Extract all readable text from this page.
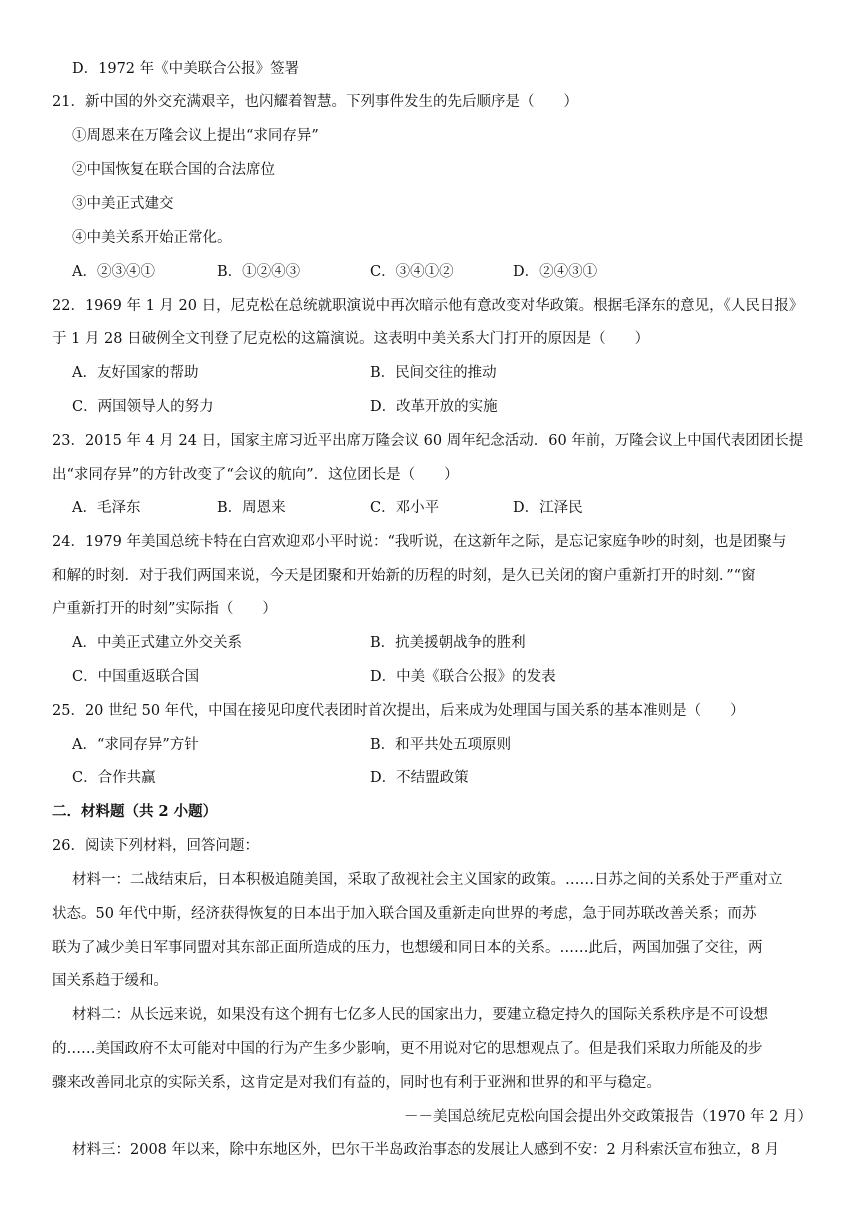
D．1972 年《中美联合公报》签署
21．新中国的外交充满艰辛，也闪耀着智慧。下列事件发生的先后顺序是（　　）
①周恩来在万隆会议上提出“求同存异”
②中国恢复在联合国的合法席位
③中美正式建交
④中美关系开始正常化。
A．②③④①	B．①②④③	C．③④①②	D．②④③①
22．1969 年 1 月 20 日，尼克松在总统就职演说中再次暗示他有意改变对华政策。根据毛泽东的意见，《人民日报》
于 1 月 28 日破例全文刊登了尼克松的这篇演说。这表明中美关系大门打开的原因是（　　）
A．友好国家的帮助	B．民间交往的推动
C．两国领导人的努力	D．改革开放的实施
23．2015 年 4 月 24 日，国家主席习近平出席万隆会议 60 周年纪念活动．60 年前，万隆会议上中国代表团团长提
出“求同存异”的方针改变了“会议的航向”．这位团长是（　　）
A．毛泽东	B．周恩来	C．邓小平	D．江泽民
24．1979 年美国总统卡特在白宫欢迎邓小平时说：“我听说，在这新年之际，是忘记家庭争吵的时刻，也是团聚与
和解的时刻．对于我们两国来说，今天是团聚和开始新的历程的时刻，是久已关闭的窗户重新打开的时刻．”“窗
户重新打开的时刻”实际指（　　）
A．中美正式建立外交关系	B．抗美援朝战争的胜利
C．中国重返联合国	D．中美《联合公报》的发表
25．20 世纪 50 年代，中国在接见印度代表团时首次提出，后来成为处理国与国关系的基本准则是（　　）
A．“求同存异”方针	B．和平共处五项原则
C．合作共赢	D．不结盟政策
二．材料题（共 2 小题）
26．阅读下列材料，回答问题：
材料一：二战结束后，日本积极追随美国，采取了敌视社会主义国家的政策。……日苏之间的关系处于严重对立
状态。50 年代中斯，经济获得恢复的日本出于加入联合国及重新走向世界的考虑，急于同苏联改善关系；而苏
联为了减少美日军事同盟对其东部正面所造成的压力，也想缓和同日本的关系。……此后，两国加强了交往，两
国关系趋于缓和。
材料二：从长远来说，如果没有这个拥有七亿多人民的国家出力，要建立稳定持久的国际关系秩序是不可设想
的……美国政府不太可能对中国的行为产生多少影响，更不用说对它的思想观点了。但是我们采取力所能及的步
骤来改善同北京的实际关系，这肯定是对我们有益的，同时也有利于亚洲和世界的和平与稳定。
－－美国总统尼克松向国会提出外交政策报告（1970 年 2 月）
材料三：2008 年以来，除中东地区外，巴尔干半岛政治事态的发展让人感到不安：2 月科索沃宣布独立，8 月
